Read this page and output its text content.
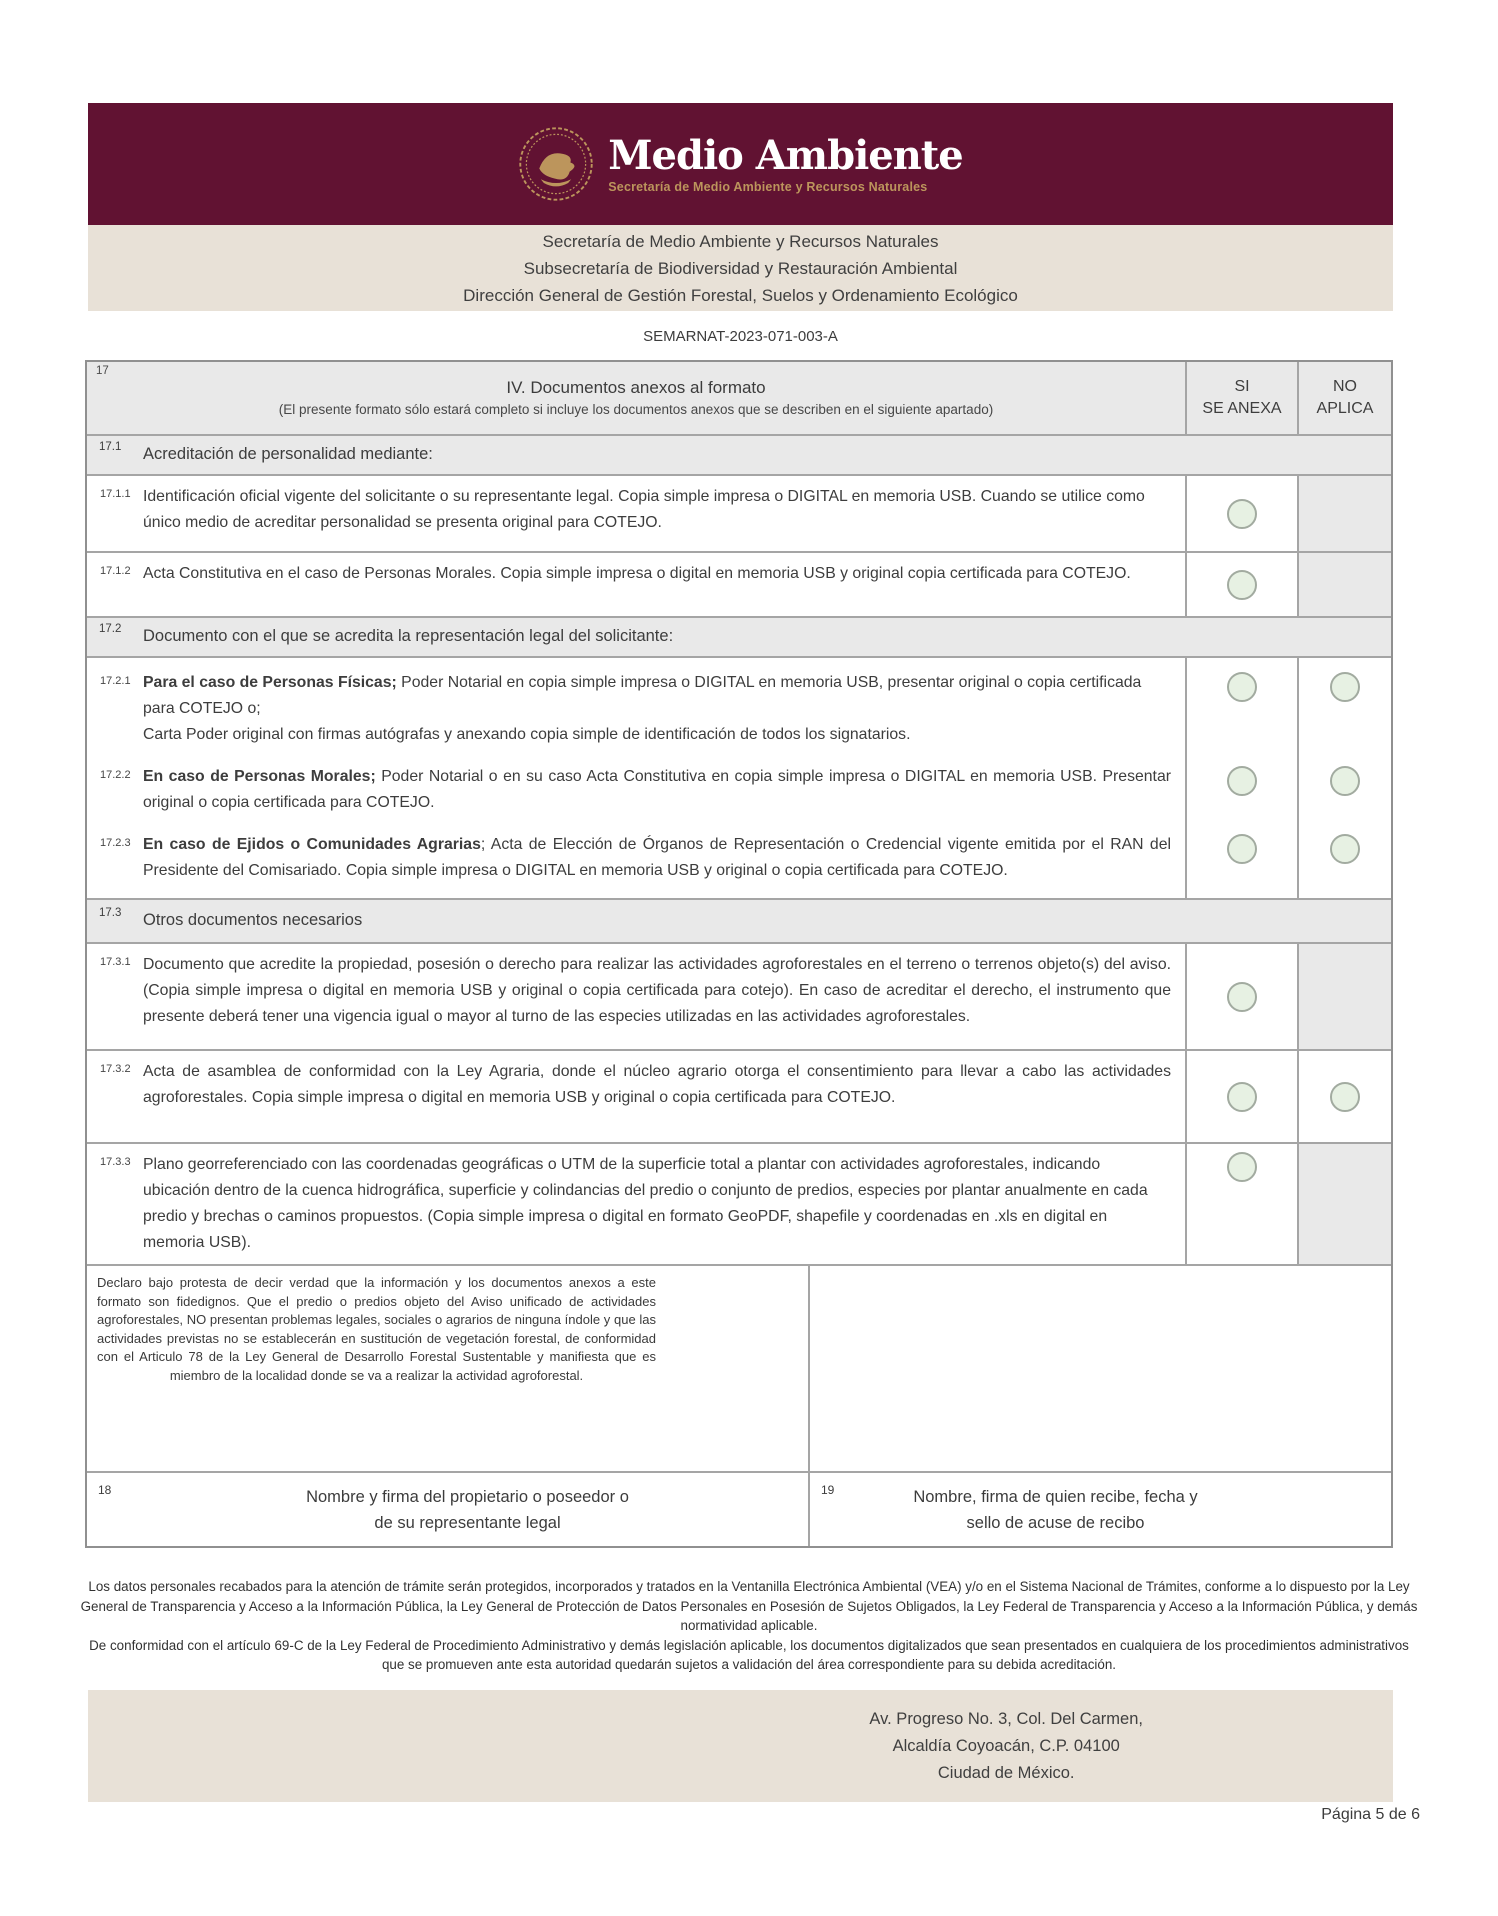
Medio Ambiente
Secretaría de Medio Ambiente y Recursos Naturales
Secretaría de Medio Ambiente y Recursos Naturales
Subsecretaría de Biodiversidad y Restauración Ambiental
Dirección General de Gestión Forestal, Suelos y Ordenamiento Ecológico
SEMARNAT-2023-071-003-A
17
IV. Documentos anexos al formato
(El presente formato sólo estará completo si incluye los documentos anexos que se describen en el siguiente apartado)
SI
SE ANEXA
NO
APLICA
17.1 Acreditación de personalidad mediante:
17.1.1 Identificación oficial vigente del solicitante o su representante legal. Copia simple impresa o DIGITAL en memoria USB. Cuando se utilice como único medio de acreditar personalidad se presenta original para COTEJO.
17.1.2 Acta Constitutiva en el caso de Personas Morales. Copia simple impresa o digital en memoria USB y original copia certificada para COTEJO.
17.2 Documento con el que se acredita la representación legal del solicitante:
17.2.1 Para el caso de Personas Físicas; Poder Notarial en copia simple impresa o DIGITAL en memoria USB, presentar original o copia certificada para COTEJO o;
Carta Poder original con firmas autógrafas y anexando copia simple de identificación de todos los signatarios.
17.2.2 En caso de Personas Morales; Poder Notarial o en su caso Acta Constitutiva en copia simple impresa o DIGITAL en memoria USB. Presentar original o copia certificada para COTEJO.
17.2.3 En caso de Ejidos o Comunidades Agrarias; Acta de Elección de Órganos de Representación o Credencial vigente emitida por el RAN del Presidente del Comisariado. Copia simple impresa o DIGITAL en memoria USB y original o copia certificada para COTEJO.
17.3 Otros documentos necesarios
17.3.1 Documento que acredite la propiedad, posesión o derecho para realizar las actividades agroforestales en el terreno o terrenos objeto(s) del aviso. (Copia simple impresa o digital en memoria USB y original o copia certificada para cotejo). En caso de acreditar el derecho, el instrumento que presente deberá tener una vigencia igual o mayor al turno de las especies utilizadas en las actividades agroforestales.
17.3.2 Acta de asamblea de conformidad con la Ley Agraria, donde el núcleo agrario otorga el consentimiento para llevar a cabo las actividades agroforestales. Copia simple impresa o digital en memoria USB y original o copia certificada para COTEJO.
17.3.3 Plano georreferenciado con las coordenadas geográficas o UTM de la superficie total a plantar con actividades agroforestales, indicando ubicación dentro de la cuenca hidrográfica, superficie y colindancias del predio o conjunto de predios, especies por plantar anualmente en cada predio y brechas o caminos propuestos. (Copia simple impresa o digital en formato GeoPDF, shapefile y coordenadas en .xls en digital en memoria USB).
Declaro bajo protesta de decir verdad que la información y los documentos anexos a este formato son fidedignos. Que el predio o predios objeto del Aviso unificado de actividades agroforestales, NO presentan problemas legales, sociales o agrarios de ninguna índole y que las actividades previstas no se establecerán en sustitución de vegetación forestal, de conformidad con el Articulo 78 de la Ley General de Desarrollo Forestal Sustentable y manifiesta que es miembro de la localidad donde se va a realizar la actividad agroforestal.
18	Nombre y firma del propietario o poseedor o
de su representante legal
19	Nombre, firma de quien recibe, fecha y
sello de acuse de recibo

Los datos personales recabados para la atención de trámite serán protegidos, incorporados y tratados en la Ventanilla Electrónica Ambiental (VEA) y/o en el Sistema Nacional de Trámites, conforme a lo dispuesto por la Ley General de Transparencia y Acceso a la Información Pública, la Ley General de Protección de Datos Personales en Posesión de Sujetos Obligados, la Ley Federal de Transparencia y Acceso a la Información Pública, y demás normatividad aplicable.

De conformidad con el artículo 69-C de la Ley Federal de Procedimiento Administrativo y demás legislación aplicable, los documentos digitalizados que sean presentados en cualquiera de los procedimientos administrativos que se promueven ante esta autoridad quedarán sujetos a validación del área correspondiente para su debida acreditación.

Av. Progreso No. 3, Col. Del Carmen,
Alcaldía Coyoacán, C.P. 04100
Ciudad de México.
Página 5 de 6
